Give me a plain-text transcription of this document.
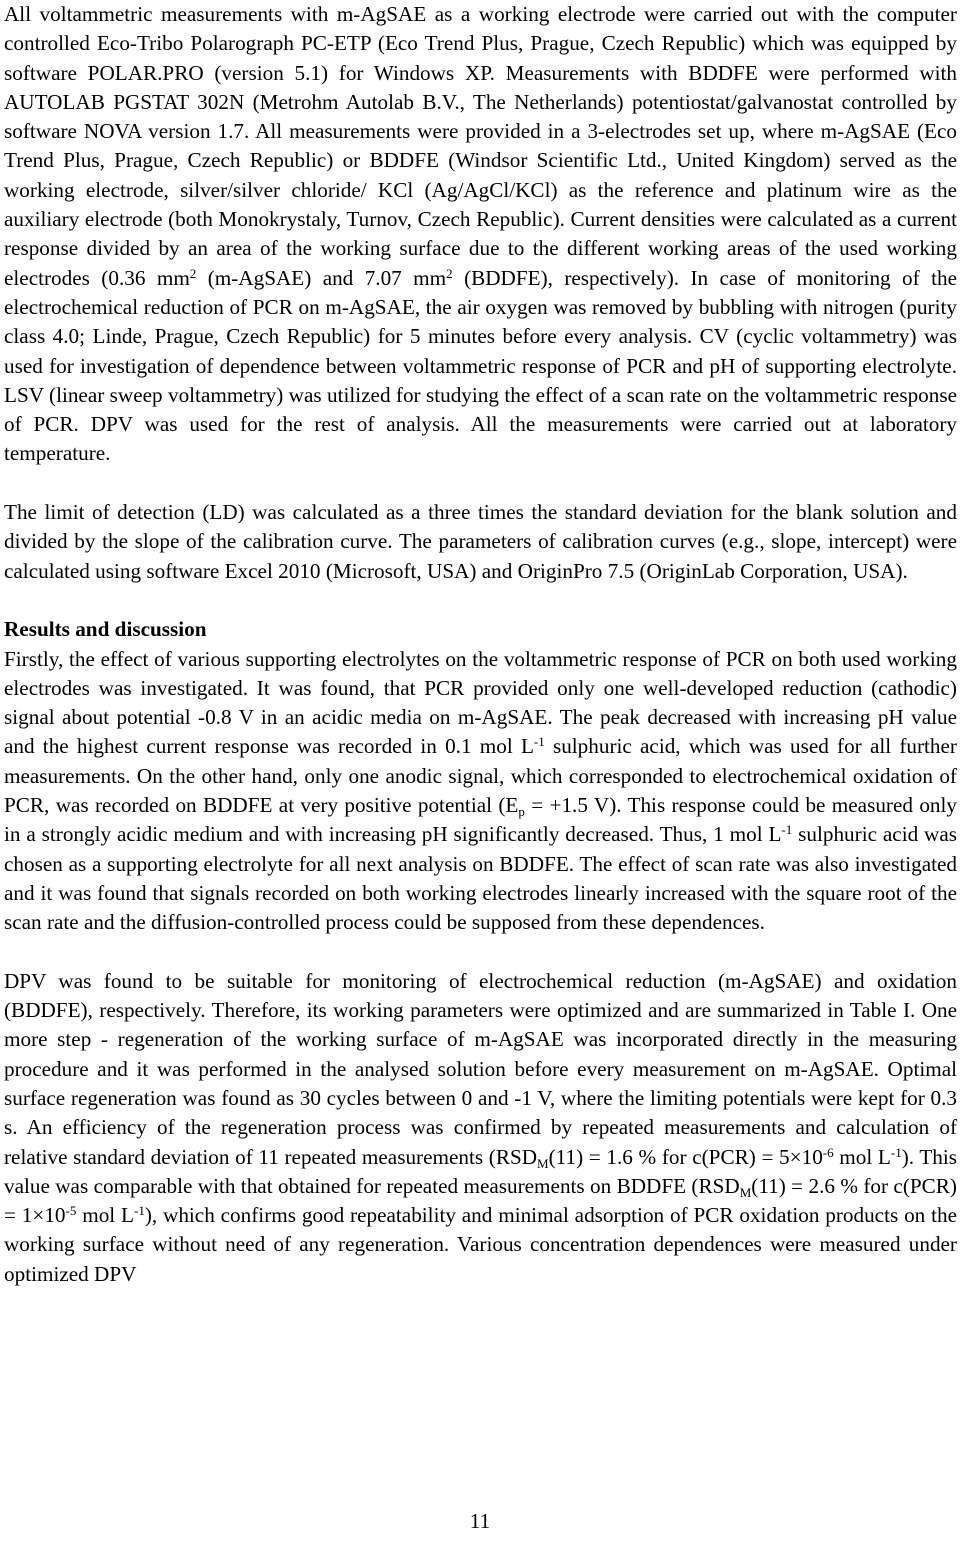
All voltammetric measurements with m-AgSAE as a working electrode were carried out with the computer controlled Eco-Tribo Polarograph PC-ETP (Eco Trend Plus, Prague, Czech Republic) which was equipped by software POLAR.PRO (version 5.1) for Windows XP. Measurements with BDDFE were performed with AUTOLAB PGSTAT 302N (Metrohm Autolab B.V., The Netherlands) potentiostat/galvanostat controlled by software NOVA version 1.7. All measurements were provided in a 3-electrodes set up, where m-AgSAE (Eco Trend Plus, Prague, Czech Republic) or BDDFE (Windsor Scientific Ltd., United Kingdom) served as the working electrode, silver/silver chloride/ KCl (Ag/AgCl/KCl) as the reference and platinum wire as the auxiliary electrode (both Monokrystaly, Turnov, Czech Republic). Current densities were calculated as a current response divided by an area of the working surface due to the different working areas of the used working electrodes (0.36 $mm^2$ (m-AgSAE) and 7.07 $mm^2$ (BDDFE), respectively). In case of monitoring of the electrochemical reduction of PCR on m-AgSAE, the air oxygen was removed by bubbling with nitrogen (purity class 4.0; Linde, Prague, Czech Republic) for 5 minutes before every analysis. CV (cyclic voltammetry) was used for investigation of dependence between voltammetric response of PCR and pH of supporting electrolyte. LSV (linear sweep voltammetry) was utilized for studying the effect of a scan rate on the voltammetric response of PCR. DPV was used for the rest of analysis. All the measurements were carried out at laboratory temperature.

The limit of detection (LD) was calculated as a three times the standard deviation for the blank solution and divided by the slope of the calibration curve. The parameters of calibration curves (e.g., slope, intercept) were calculated using software Excel 2010 (Microsoft, USA) and OriginPro 7.5 (OriginLab Corporation, USA).

Results and discussion

Firstly, the effect of various supporting electrolytes on the voltammetric response of PCR on both used working electrodes was investigated. It was found, that PCR provided only one well-developed reduction (cathodic) signal about potential -0.8 V in an acidic media on m-AgSAE. The peak decreased with increasing pH value and the highest current response was recorded in 0.1 mol $L^{-1}$ sulphuric acid, which was used for all further measurements. On the other hand, only one anodic signal, which corresponded to electrochemical oxidation of PCR, was recorded on BDDFE at very positive potential ($E_p = +1.5$ V). This response could be measured only in a strongly acidic medium and with increasing pH significantly decreased. Thus, 1 mol $L^{-1}$ sulphuric acid was chosen as a supporting electrolyte for all next analysis on BDDFE. The effect of scan rate was also investigated and it was found that signals recorded on both working electrodes linearly increased with the square root of the scan rate and the diffusion-controlled process could be supposed from these dependences.

DPV was found to be suitable for monitoring of electrochemical reduction (m-AgSAE) and oxidation (BDDFE), respectively. Therefore, its working parameters were optimized and are summarized in Table I. One more step - regeneration of the working surface of m-AgSAE was incorporated directly in the measuring procedure and it was performed in the analysed solution before every measurement on m-AgSAE. Optimal surface regeneration was found as 30 cycles between 0 and -1 V, where the limiting potentials were kept for 0.3 s. An efficiency of the regeneration process was confirmed by repeated measurements and calculation of relative standard deviation of 11 repeated measurements ($RSD_M(11) = 1.6$ % for $c(PCR) = 5\times 10^{-6}$ mol $L^{-1}$). This value was comparable with that obtained for repeated measurements on BDDFE ($RSD_M(11) = 2.6$ % for $c(PCR) = 1\times 10^{-5}$ mol $L^{-1}$), which confirms good repeatability and minimal adsorption of PCR oxidation products on the working surface without need of any regeneration. Various concentration dependences were measured under optimized DPV

11
